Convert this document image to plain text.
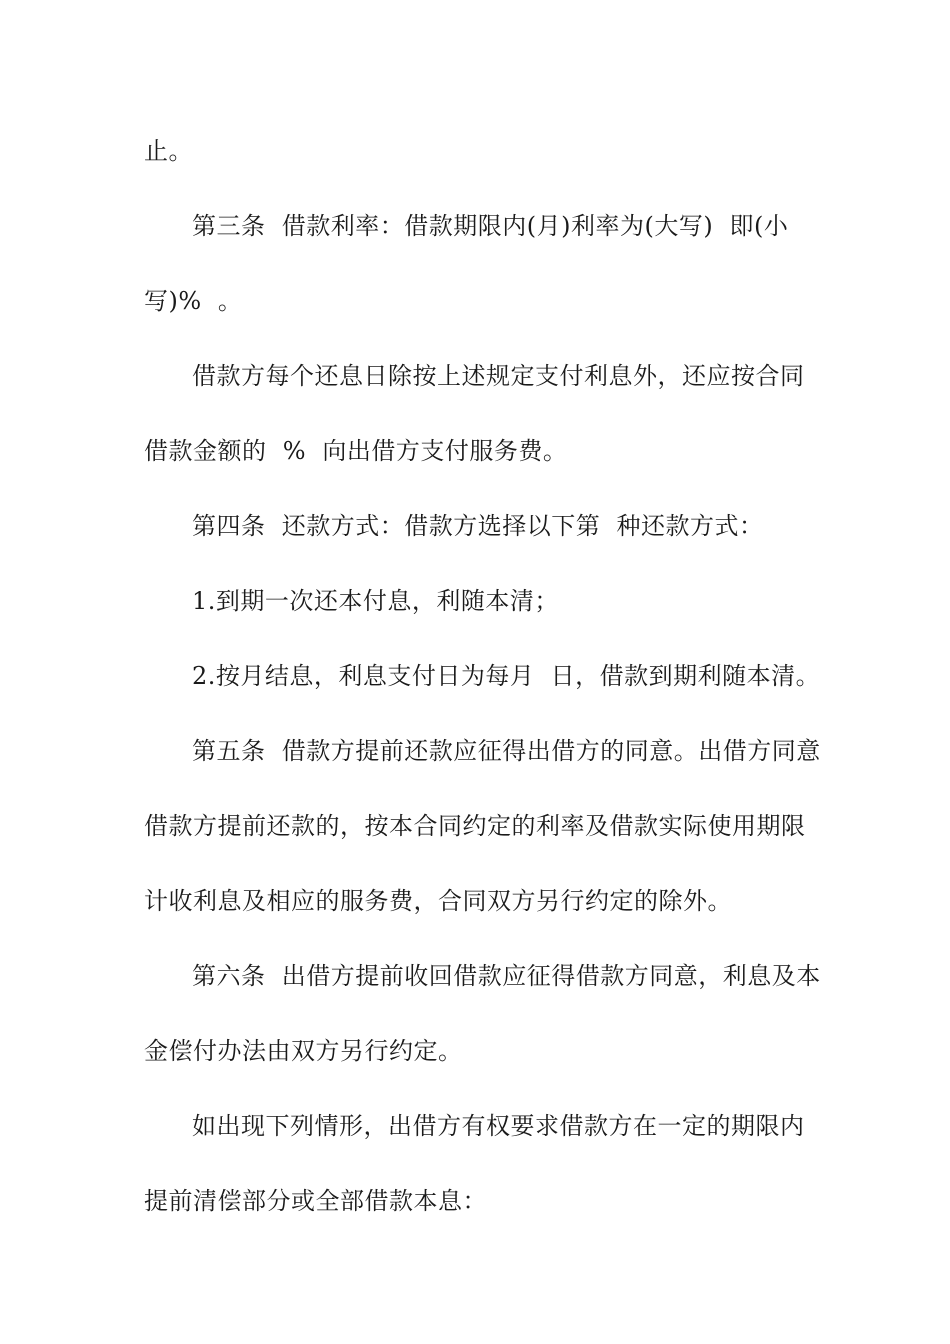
止。
第三条  借款利率：借款期限内(月)利率为(大写)  即(小
写)%  。
借款方每个还息日除按上述规定支付利息外，还应按合同
借款金额的  %  向出借方支付服务费。
第四条  还款方式：借款方选择以下第  种还款方式：
1.到期一次还本付息，利随本清；
2.按月结息，利息支付日为每月  日，借款到期利随本清。
第五条  借款方提前还款应征得出借方的同意。出借方同意
借款方提前还款的，按本合同约定的利率及借款实际使用期限
计收利息及相应的服务费，合同双方另行约定的除外。
第六条  出借方提前收回借款应征得借款方同意，利息及本
金偿付办法由双方另行约定。
如出现下列情形，出借方有权要求借款方在一定的期限内
提前清偿部分或全部借款本息：
